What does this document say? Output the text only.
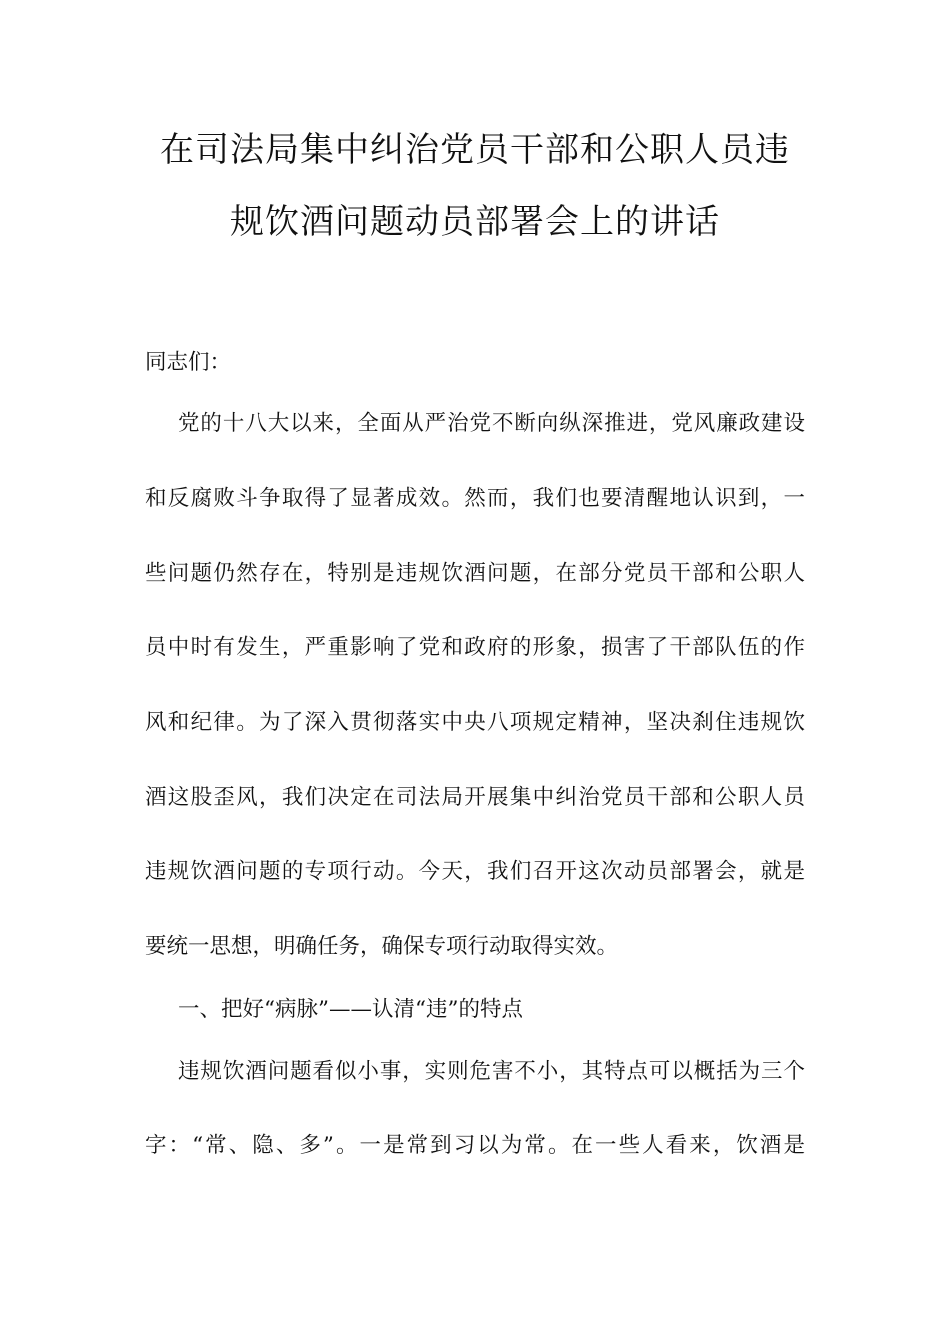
在司法局集中纠治党员干部和公职人员违
规饮酒问题动员部署会上的讲话
同志们：
党的十八大以来，全面从严治党不断向纵深推进，党风廉政建设
和反腐败斗争取得了显著成效。然而，我们也要清醒地认识到，一
些问题仍然存在，特别是违规饮酒问题，在部分党员干部和公职人
员中时有发生，严重影响了党和政府的形象，损害了干部队伍的作
风和纪律。为了深入贯彻落实中央八项规定精神，坚决刹住违规饮
酒这股歪风，我们决定在司法局开展集中纠治党员干部和公职人员
违规饮酒问题的专项行动。今天，我们召开这次动员部署会，就是
要统一思想，明确任务，确保专项行动取得实效。
一、把好“病脉”——认清“违”的特点
违规饮酒问题看似小事，实则危害不小，其特点可以概括为三个
字：“常、隐、多”。一是常到习以为常。在一些人看来，饮酒是
